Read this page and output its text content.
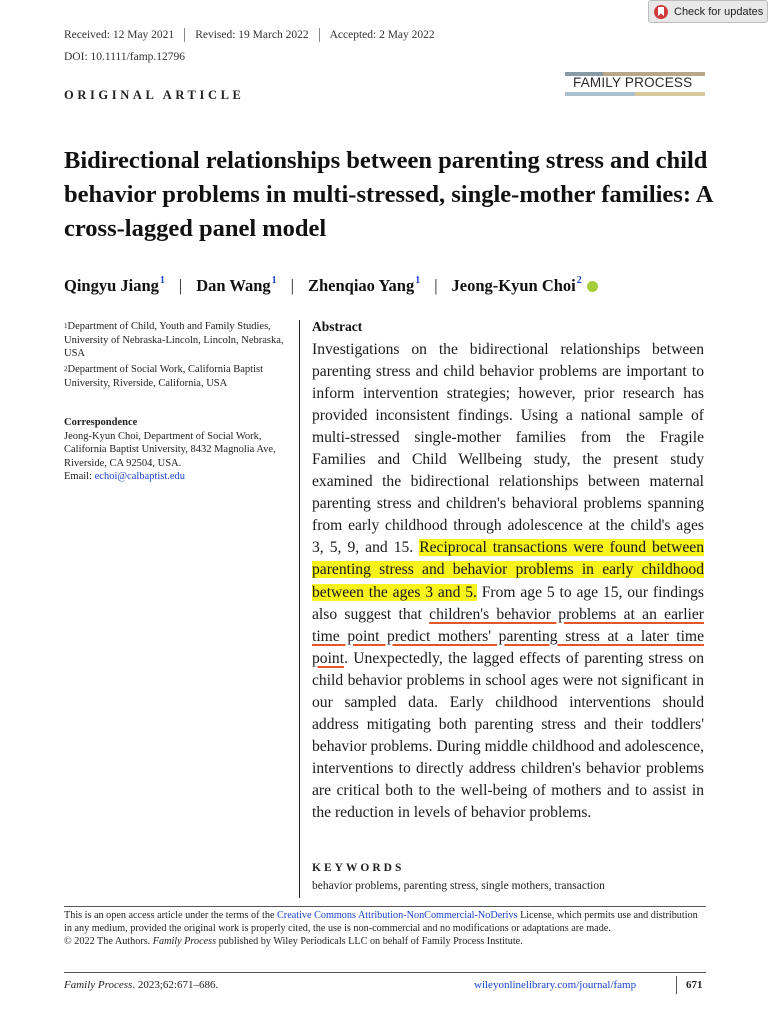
Received: 12 May 2021 Revised: 19 March 2022 Accepted: 2 May 2022
DOI: 10.1111/famp.12796
Check for updates
FAMILY PROCESS
ORIGINAL ARTICLE
Bidirectional relationships between parenting stress and child behavior problems in multi-stressed, single-mother families: A cross-lagged panel model
Qingyu Jiang$^1$ | Dan Wang$^1$ | Zhenqiao Yang$^1$ | Jeong-Kyun Choi$^2$
$^1$Department of Child, Youth and Family Studies, University of Nebraska-Lincoln, Lincoln, Nebraska, USA
$^2$Department of Social Work, California Baptist University, Riverside, California, USA
Correspondence
Jeong-Kyun Choi, Department of Social Work, California Baptist University, 8432 Magnolia Ave, Riverside, CA 92504, USA.
Email: echoi@calbaptist.edu
Abstract
Investigations on the bidirectional relationships between parenting stress and child behavior problems are important to inform intervention strategies; however, prior research has provided inconsistent findings. Using a national sample of multi-stressed single-mother families from the Fragile Families and Child Wellbeing study, the present study examined the bidirectional relationships between maternal parenting stress and children's behavioral problems spanning from early childhood through adolescence at the child's ages 3, 5, 9, and 15. Reciprocal transactions were found between parenting stress and behavior problems in early childhood between the ages 3 and 5. From age 5 to age 15, our findings also suggest that children's behavior problems at an earlier time point predict mothers' parenting stress at a later time point. Unexpectedly, the lagged effects of parenting stress on child behavior problems in school ages were not significant in our sampled data. Early childhood interventions should address mitigating both parenting stress and their toddlers' behavior problems. During middle childhood and adolescence, interventions to directly address children's behavior problems are critical both to the well-being of mothers and to assist in the reduction in levels of behavior problems.
KEYWORDS
behavior problems, parenting stress, single mothers, transaction
This is an open access article under the terms of the Creative Commons Attribution-NonCommercial-NoDerivs License, which permits use and distribution in any medium, provided the original work is properly cited, the use is non-commercial and no modifications or adaptations are made.
© 2022 The Authors. Family Process published by Wiley Periodicals LLC on behalf of Family Process Institute.
Family Process. 2023;62:671–686.	wileyonlinelibrary.com/journal/famp	671
